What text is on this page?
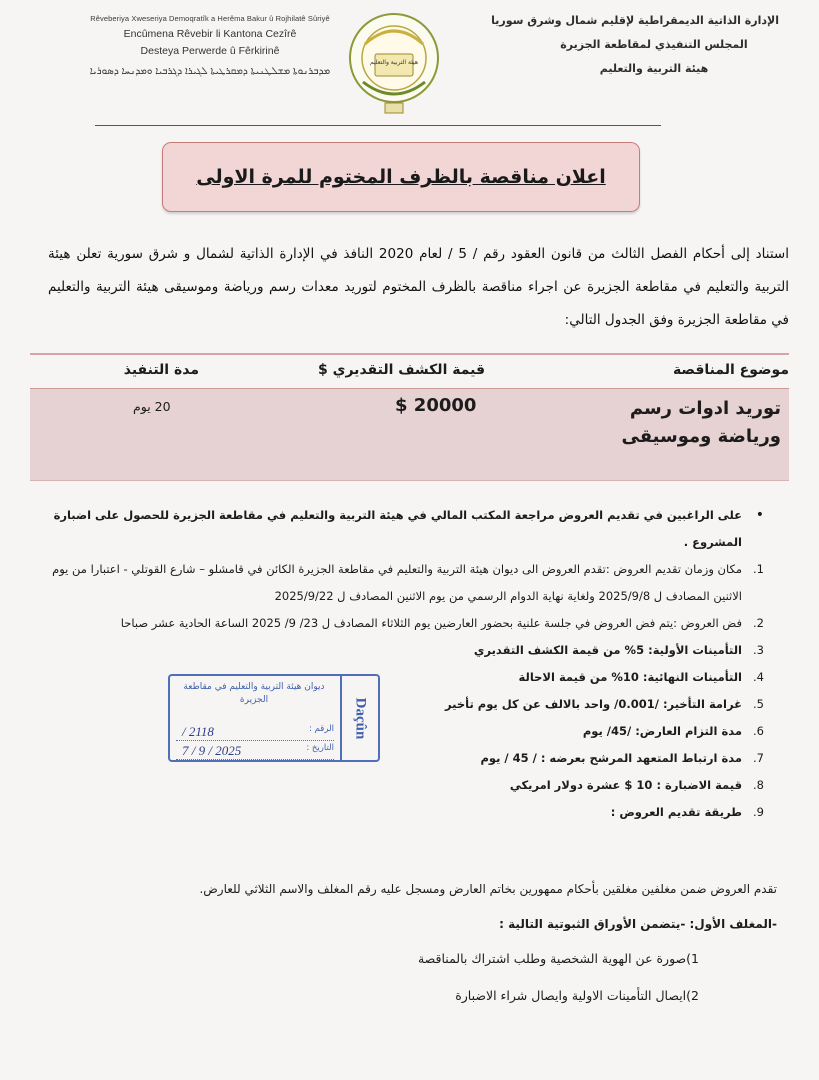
Rêveberiya Xweseriya Demoqratîk a Herêma Bakur û Rojhilatê Sûriyê
Encûmena Rêvebir li Kantona Cezîrê
Desteya Perwerde û Fêrkirinê
ܡܕܒܪܢܘܬܐ ܡܫܠܛܢܝܬܐ ܕܡܩܪܛܝܬܐ ܠܓܝܪܐ ܕܓܪܒܝܐ ܘܡܕܢܚܐ ܕܣܘܪܝܐ
هيئة التربية والتعليم
الإدارة الذاتية الديمقراطية لإقليم شمال وشرق سوريا
المجلس التنفيذي لمقاطعة الجزيرة
هيئة التربية والتعليم
اعلان مناقصة بالظرف المختوم للمرة الاولى
استناد إلى أحكام الفصل الثالث من قانون العقود رقم / 5 / لعام 2020 النافذ في الإدارة الذاتية لشمال و شرق سورية تعلن هيئة التربية والتعليم في مقاطعة الجزيرة عن اجراء مناقصة بالظرف المختوم لتوريد معدات رسم ورياضة وموسيقى هيئة التربية والتعليم في مقاطعة الجزيرة وفق الجدول التالي:
موضوع المناقصة
قيمة الكشف التقديري $
مدة التنفيذ
توريد ادوات رسم ورياضة وموسيقى
20000 $
20 يوم
•
على الراغبين في تقديم العروض مراجعة المكتب المالي في هيئة التربية والتعليم في مقاطعة الجزيرة للحصول على اضبارة المشروع .
1.
مكان وزمان تقديم العروض :تقدم العروض الى ديوان هيئة التربية والتعليم في مقاطعة الجزيرة الكائن في قامشلو – شارع القوتلي - اعتبارا من يوم الاثنين المصادف ل 2025/9/8 ولغاية نهاية الدوام الرسمي من يوم الاثنين المصادف ل 2025/9/22
2.
فض العروض :يتم فض العروض في جلسة علنية بحضور العارضين يوم الثلاثاء المصادف ل 23/ 9/ 2025 الساعة الحادية عشر صباحا
3.
التأمينات الأولية: 5% من قيمة الكشف التقديري
4.
التأمينات النهائية: 10% من قيمة الاحالة
5.
غرامة التأخير: /0.001/ واحد بالالف عن كل يوم تأخير
6.
مدة التزام العارض: /45/ يوم
7.
مدة ارتباط المتعهد المرشح بعرضه : / 45 / يوم
8.
قيمة الاضبارة : 10 $ عشرة دولار امريكي
9.
طريقة تقديم العروض :
تقدم العروض ضمن مغلفين مغلقين بأحكام ممهورين بخاتم العارض ومسجل عليه رقم المغلف والاسم الثلاثي للعارض.
-المغلف الأول: -يتضمن الأوراق الثبوتية التالية :
1)صورة عن الهوية الشخصية وطلب اشتراك بالمناقصة
2)ايصال التأمينات الاولية وايصال شراء الاضبارة
Daçûn
ديوان هيئة التربية والتعليم في مقاطعة الجزيرة
الرقم :
2118 /
التاريخ :
2025 / 9 / 7
